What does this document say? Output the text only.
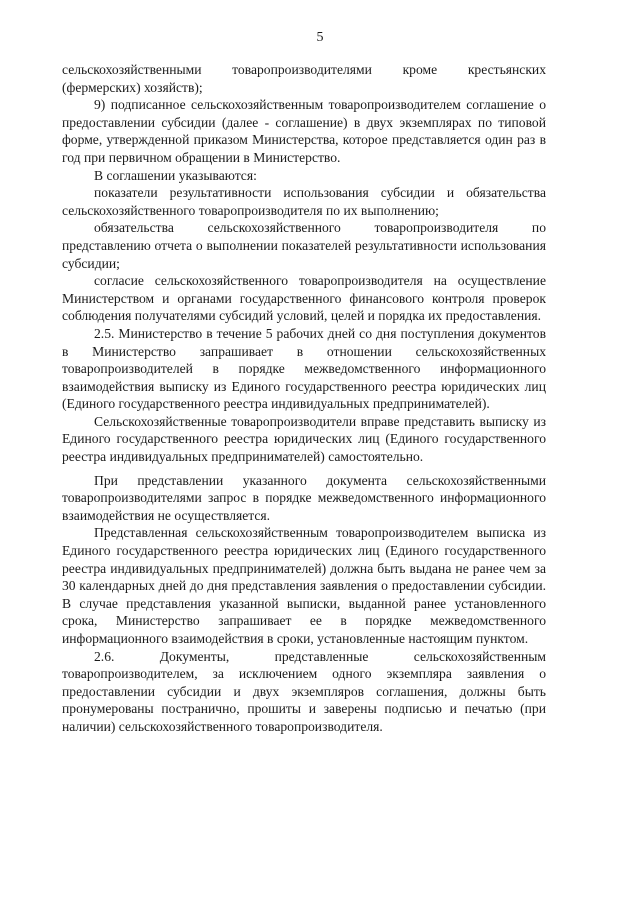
5

сельскохозяйственными товаропроизводителями кроме крестьянских (фермерских) хозяйств);

9) подписанное сельскохозяйственным товаропроизводителем соглашение о предоставлении субсидии (далее - соглашение) в двух экземплярах по типовой форме, утвержденной приказом Министерства, которое представляется один раз в год при первичном обращении в Министерство.

В соглашении указываются:

показатели результативности использования субсидии и обязательства сельскохозяйственного товаропроизводителя по их выполнению;

обязательства сельскохозяйственного товаропроизводителя по представлению отчета о выполнении показателей результативности использования субсидии;

согласие сельскохозяйственного товаропроизводителя на осуществление Министерством и органами государственного финансового контроля проверок соблюдения получателями субсидий условий, целей и порядка их предоставления.

2.5. Министерство в течение 5 рабочих дней со дня поступления документов в Министерство запрашивает в отношении сельскохозяйственных товаропроизводителей в порядке межведомственного информационного взаимодействия выписку из Единого государственного реестра юридических лиц (Единого государственного реестра индивидуальных предпринимателей).

Сельскохозяйственные товаропроизводители вправе представить выписку из Единого государственного реестра юридических лиц (Единого государственного реестра индивидуальных предпринимателей) самостоятельно.

При представлении указанного документа сельскохозяйственными товаропроизводителями запрос в порядке межведомственного информационного взаимодействия не осуществляется.

Представленная сельскохозяйственным товаропроизводителем выписка из Единого государственного реестра юридических лиц (Единого государственного реестра индивидуальных предпринимателей) должна быть выдана не ранее чем за 30 календарных дней до дня представления заявления о предоставлении субсидии. В случае представления указанной выписки, выданной ранее установленного срока, Министерство запрашивает ее в порядке межведомственного информационного взаимодействия в сроки, установленные настоящим пунктом.

2.6. Документы, представленные сельскохозяйственным товаропроизводителем, за исключением одного экземпляра заявления о предоставлении субсидии и двух экземпляров соглашения, должны быть пронумерованы постранично, прошиты и заверены подписью и печатью (при наличии) сельскохозяйственного товаропроизводителя.
